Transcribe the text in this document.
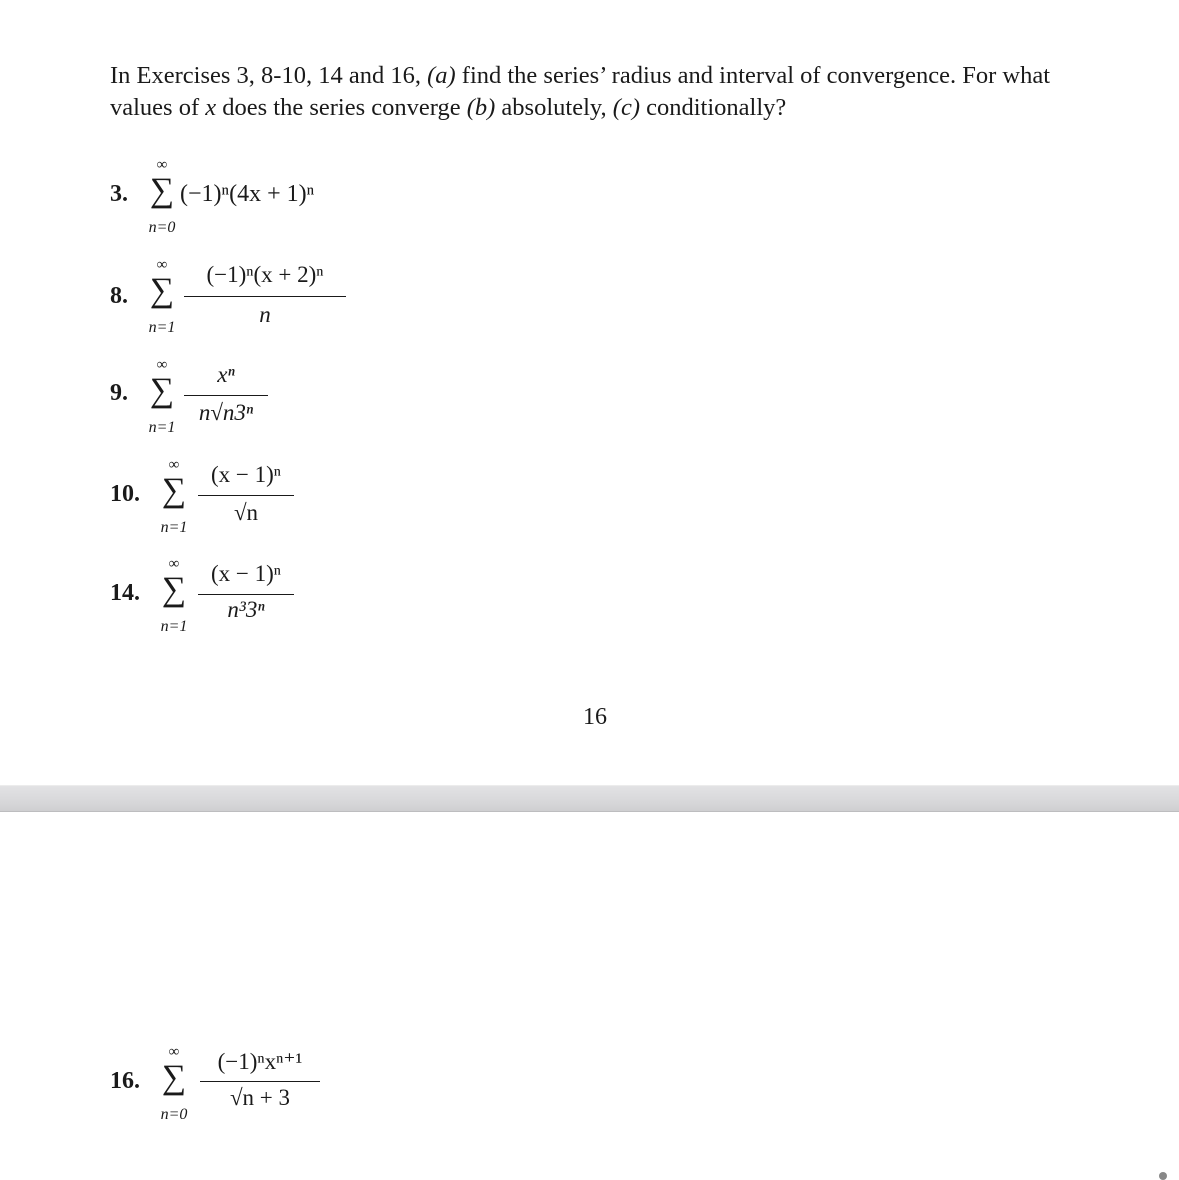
In Exercises 3, 8-10, 14 and 16, (a) find the series’ radius and interval of convergence. For what values of x does the series converge (b) absolutely, (c) conditionally?

3.
∞
∑
n=0
(−1)ⁿ(4x + 1)ⁿ
8.
∞
∑
n=1
(−1)ⁿ(x + 2)ⁿ
n
9.
∞
∑
n=1
xⁿ
n√n3ⁿ
10.
∞
∑
n=1
(x − 1)ⁿ
√n
14.
∞
∑
n=1
(x − 1)ⁿ
n³3ⁿ
16
16.
∞
∑
n=0
(−1)ⁿxⁿ⁺¹
√n + 3
